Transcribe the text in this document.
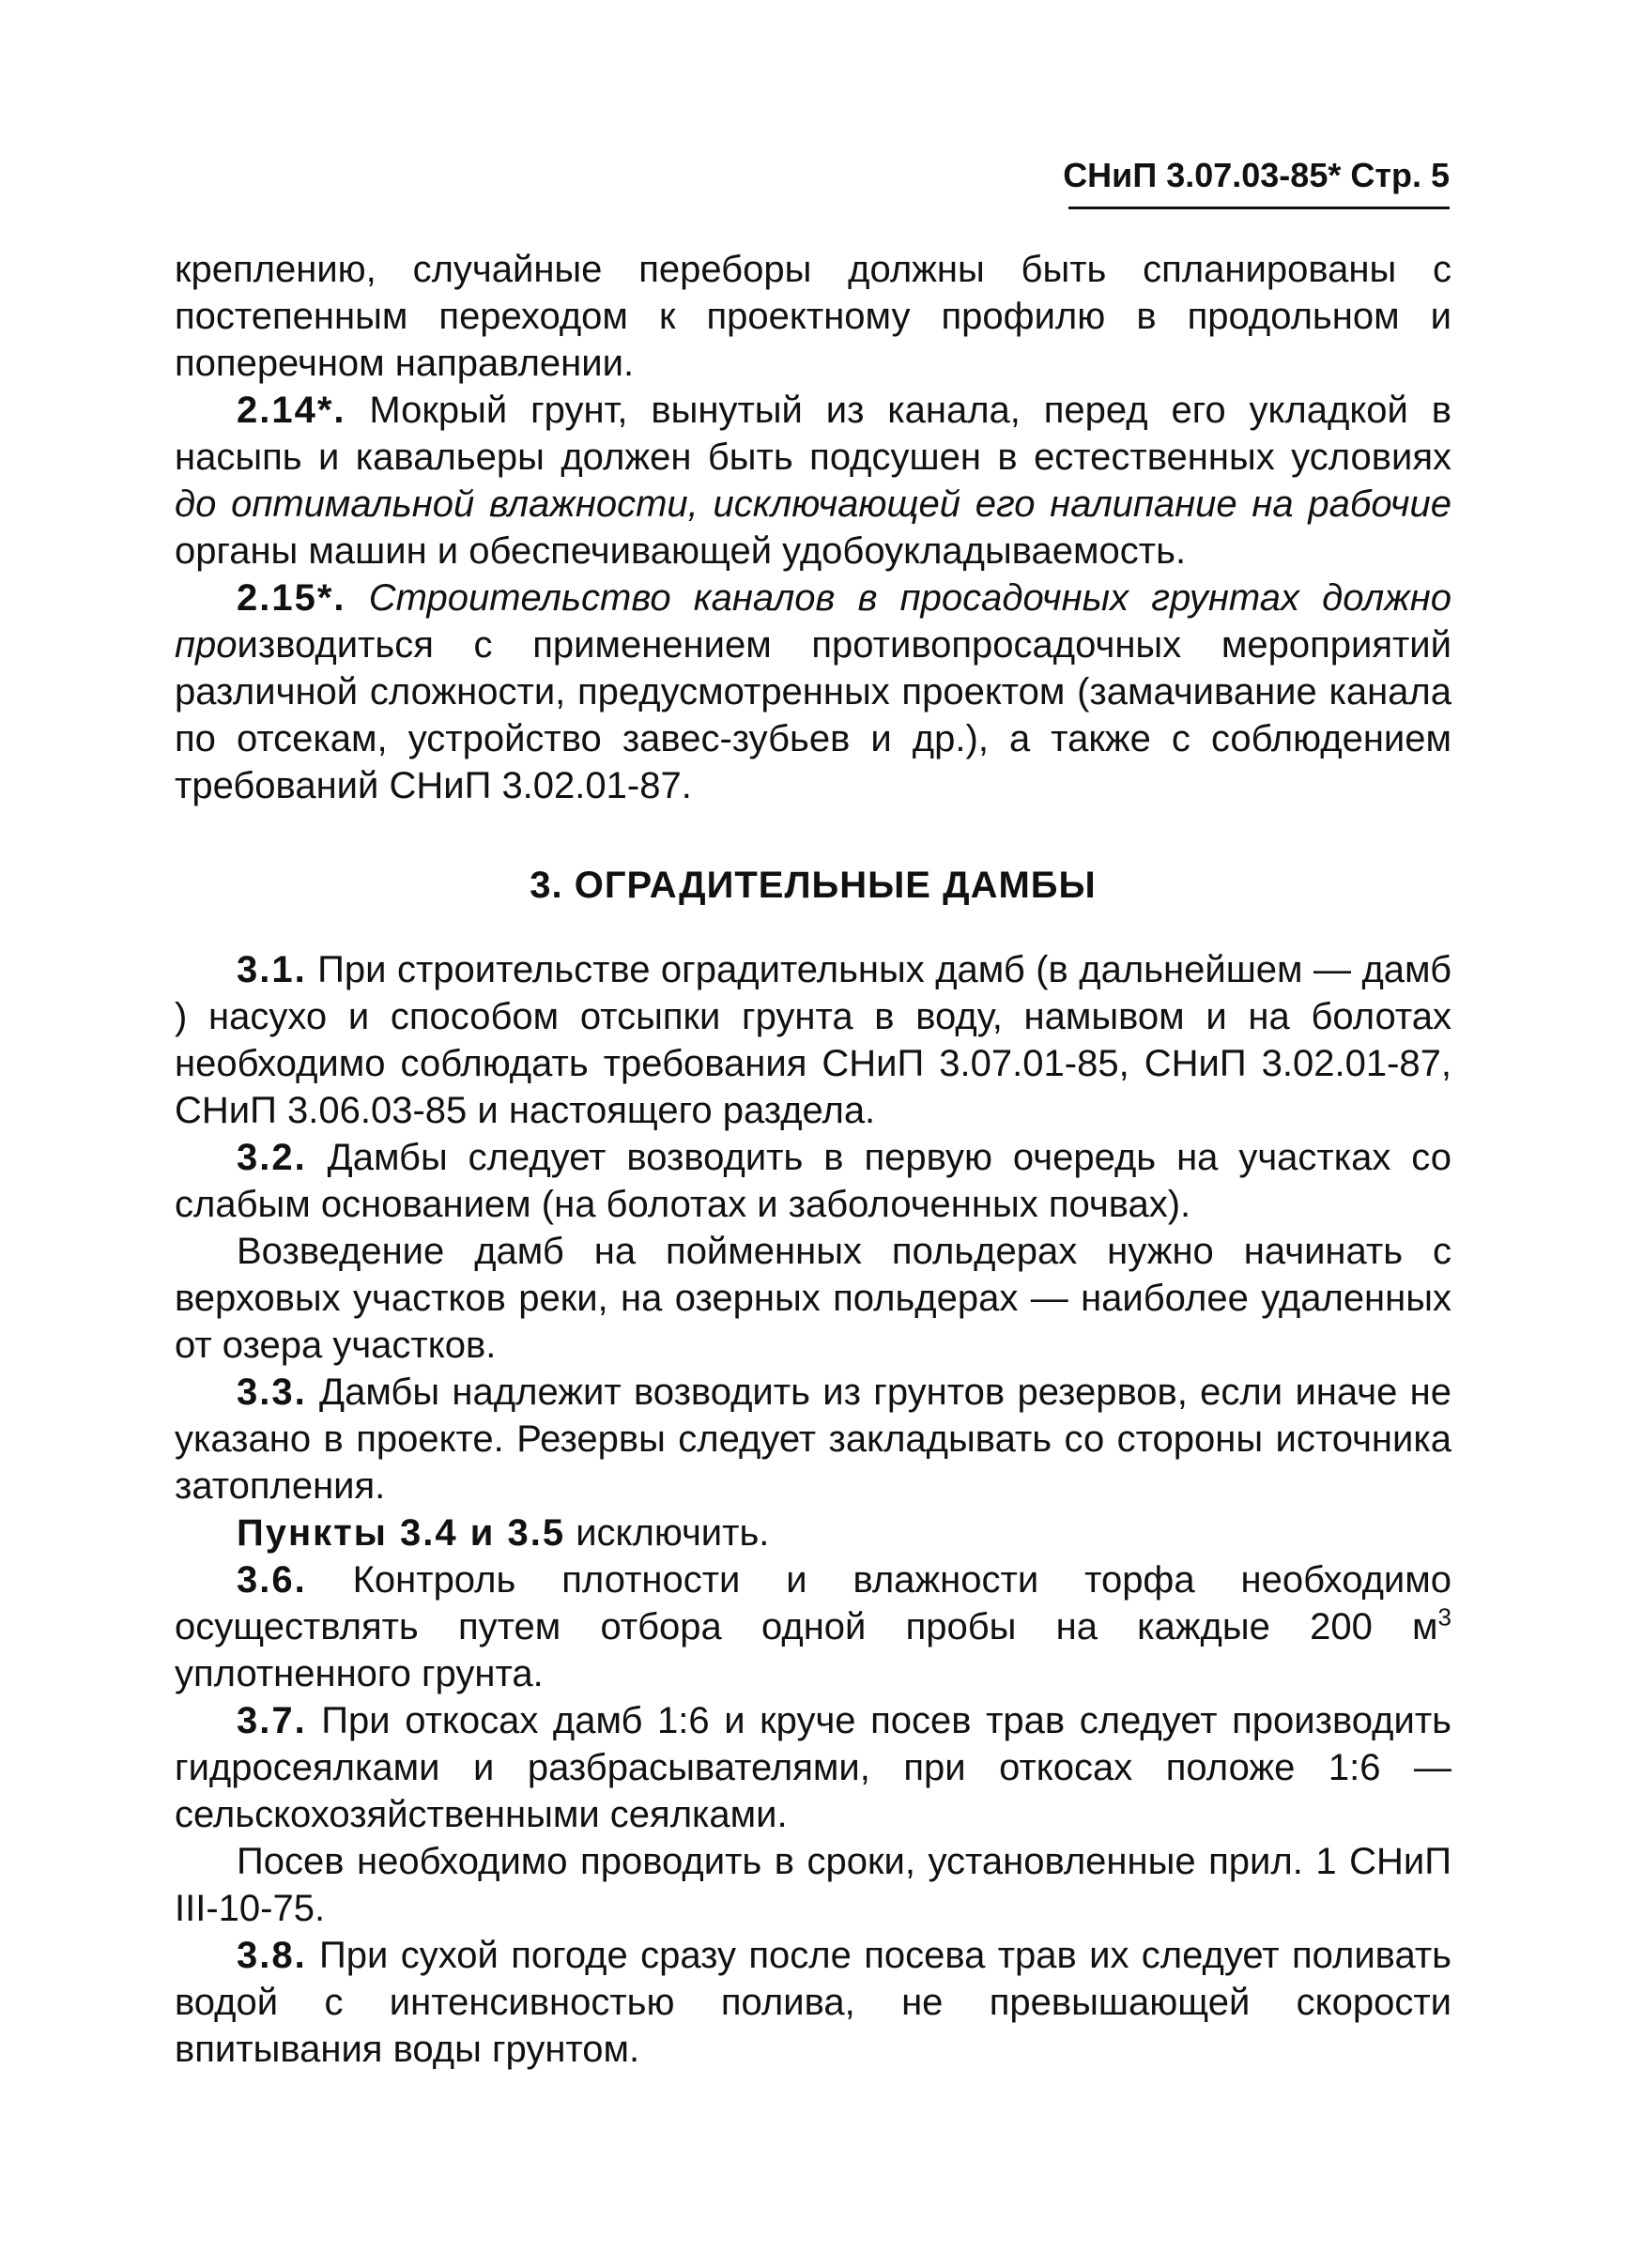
СНиП 3.07.03-85* Стр. 5

креплению, случайные переборы должны быть спланированы с постепенным переходом к проектному профилю в продольном и поперечном направлении.

2.14*. Мокрый грунт, вынутый из канала, перед его укладкой в насыпь и кавальеры должен быть подсушен в естественных условиях до оптимальной влажности, исключающей его налипание на рабочие органы машин и обеспечивающей удобоукладываемость.

2.15*. Строительство каналов в просадочных грунтах должно производиться с применением противопросадочных мероприятий различной сложности, предусмотренных проектом (замачивание канала по отсекам, устройство завес-зубьев и др.), а также с соблюдением требований СНиП 3.02.01-87.

3. ОГРАДИТЕЛЬНЫЕ ДАМБЫ

3.1. При строительстве оградительных дамб (в дальнейшем — дамб ) насухо и способом отсыпки грунта в воду, намывом и на болотах необходимо соблюдать требования СНиП 3.07.01-85, СНиП 3.02.01-87, СНиП 3.06.03-85 и настоящего раздела.

3.2. Дамбы следует возводить в первую очередь на участках со слабым основанием (на болотах и заболоченных почвах).

Возведение дамб на пойменных польдерах нужно начинать с верховых участков реки, на озерных польдерах — наиболее удаленных от озера участков.

3.3. Дамбы надлежит возводить из грунтов резервов, если иначе не указано в проекте. Резервы следует закладывать со стороны источника затопления.

Пункты 3.4 и 3.5 исключить.

3.6. Контроль плотности и влажности торфа необходимо осуществлять путем отбора одной пробы на каждые 200 $м^3$ уплотненного грунта.

3.7. При откосах дамб 1:6 и круче посев трав следует производить гидросеялками и разбрасывателями, при откосах положе 1:6 — сельскохозяйственными сеялками.

Посев необходимо проводить в сроки, установленные прил. 1 СНиП III-10-75.

3.8. При сухой погоде сразу после посева трав их следует поливать водой с интенсивностью полива, не превышающей скорости впитывания воды грунтом.
